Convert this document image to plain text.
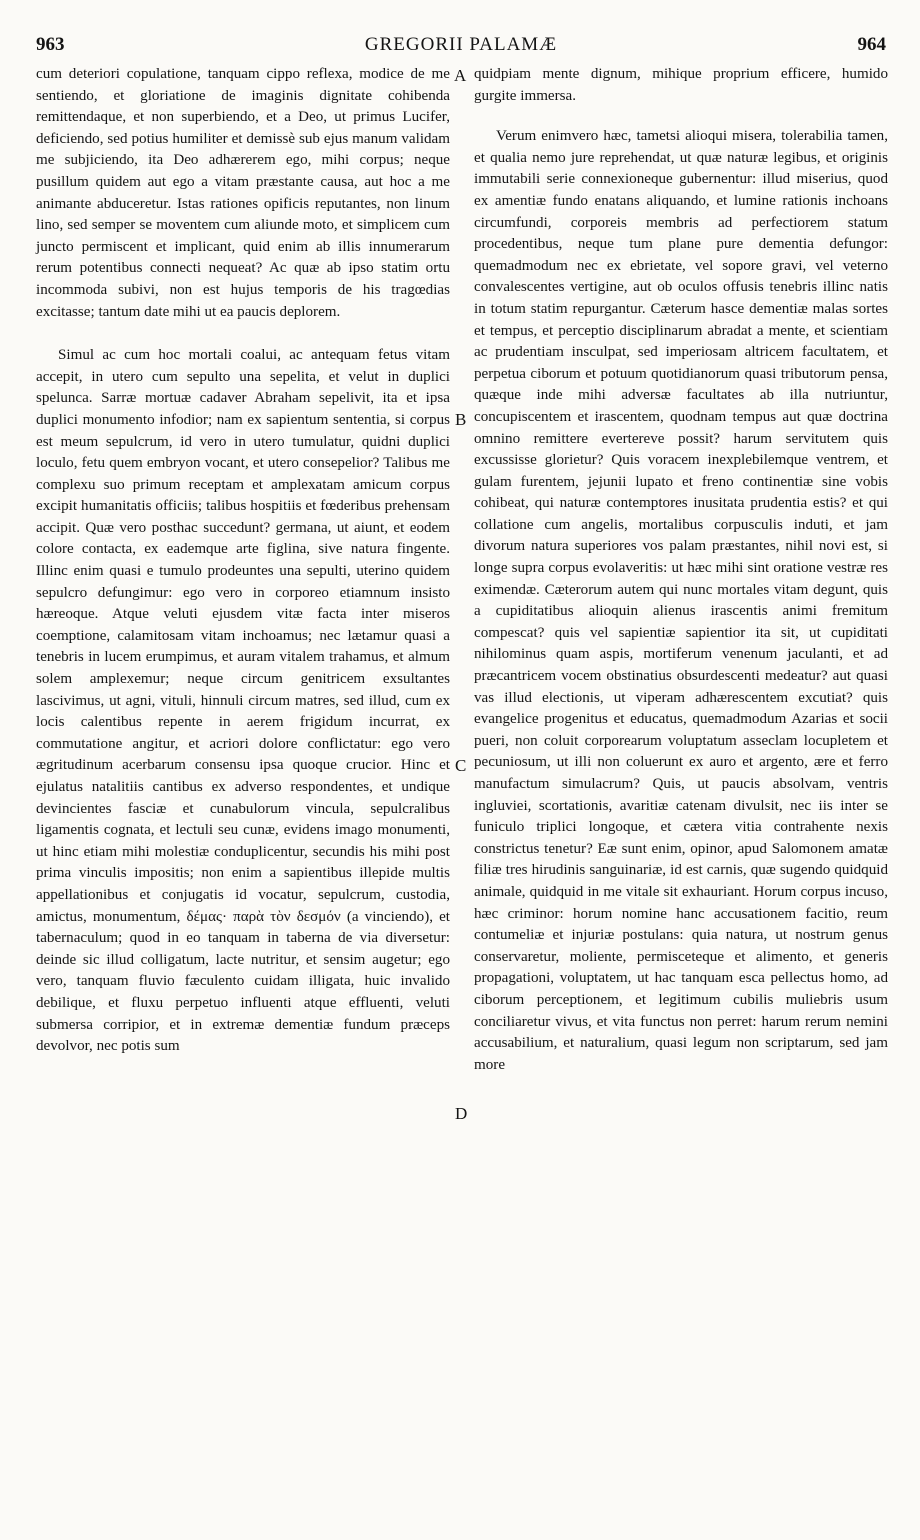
963	GREGORII PALAMÆ	964

cum deteriori copulatione, tanquam cippo reflexa, modice de me sentiendo, et gloriatione de imaginis dignitate cohibenda remittendaque, et non superbiendo, et a Deo, ut primus Lucifer, deficiendo, sed potius humiliter et demissè sub ejus manum validam me subjiciendo, ita Deo adhærerem ego, mihi corpus; neque pusillum quidem aut ego a vitam præstante causa, aut hoc a me animante abduceretur. Istas rationes opificis reputantes, non linum lino, sed semper se moventem cum aliunde moto, et simplicem cum juncto permiscent et implicant, quid enim ab illis innumerarum rerum potentibus connecti nequeat? Ac quæ ab ipso statim ortu incommoda subivi, non est hujus temporis de his tragœdias excitasse; tantum date mihi ut ea paucis deplorem.

Simul ac cum hoc mortali coalui, ac antequam fetus vitam accepit, in utero cum sepulto una sepelita, et velut in duplici spelunca. Sarræ mortuæ cadaver Abraham sepelivit, ita et ipsa duplici monumento infodior; nam ex sapientum sententia, si corpus est meum sepulcrum, id vero in utero tumulatur, quidni duplici loculo, fetu quem embryon vocant, et utero consepelior? Talibus me complexu suo primum receptam et amplexatam amicum corpus excipit humanitatis officiis; talibus hospitiis et fœderibus prehensam accipit. Quæ vero posthac succedunt? germana, ut aiunt, et eodem colore contacta, ex eademque arte figlina, sive natura fingente. Illinc enim quasi e tumulo prodeuntes una sepulti, uterino quidem sepulcro defungimur: ego vero in corporeo etiamnum insisto hæreoque. Atque veluti ejusdem vitæ facta inter miseros coemptione, calamitosam vitam inchoamus; nec lætamur quasi a tenebris in lucem erumpimus, et auram vitalem trahamus, et almum solem amplexemur; neque circum genitricem exsultantes lascivimus, ut agni, vituli, hinnuli circum matres, sed illud, cum ex locis calentibus repente in aerem frigidum incurrat, ex commutatione angitur, et acriori dolore conflictatur: ego vero ægritudinum acerbarum consensu ipsa quoque crucior. Hinc et ejulatus natalitiis cantibus ex adverso respondentes, et undique devincientes fasciæ et cunabulorum vincula, sepulcralibus ligamentis cognata, et lectuli seu cunæ, evidens imago monumenti, ut hinc etiam mihi molestiæ conduplicentur, secundis his mihi post prima vinculis impositis; non enim a sapientibus illepide multis appellationibus et conjugatis id vocatur, sepulcrum, custodia, amictus, monumentum, δέμας· παρὰ τὸν δεσμόν (a vinciendo), et tabernaculum; quod in eo tanquam in taberna de via diversetur: deinde sic illud colligatum, lacte nutritur, et sensim augetur; ego vero, tanquam fluvio fæculento cuidam illigata, huic invalido debilique, et fluxu perpetuo influenti atque effluenti, veluti submersa corripior, et in extremæ dementiæ fundum præceps devolvor, nec potis sum

A
B
C
D

quidpiam mente dignum, mihique proprium efficere, humido gurgite immersa.

Verum enimvero hæc, tametsi alioqui misera, tolerabilia tamen, et qualia nemo jure reprehendat, ut quæ naturæ legibus, et originis immutabili serie connexioneque gubernentur: illud miserius, quod ex amentiæ fundo enatans aliquando, et lumine rationis inchoans circumfundi, corporeis membris ad perfectiorem statum procedentibus, neque tum plane pure dementia defungor: quemadmodum nec ex ebrietate, vel sopore gravi, vel veterno convalescentes vertigine, aut ob oculos offusis tenebris illinc natis in totum statim repurgantur. Cæterum hasce dementiæ malas sortes et tempus, et perceptio disciplinarum abradat a mente, et scientiam ac prudentiam insculpat, sed imperiosam altricem facultatem, et perpetua ciborum et potuum quotidianorum quasi tributorum pensa, quæque inde mihi adversæ facultates ab illa nutriuntur, concupiscentem et irascentem, quodnam tempus aut quæ doctrina omnino remittere evertereve possit? harum servitutem quis excussisse glorietur? Quis voracem inexplebilemque ventrem, et gulam furentem, jejunii lupato et freno continentiæ sine vobis cohibeat, qui naturæ contemptores inusitata prudentia estis? et qui collatione cum angelis, mortalibus corpusculis induti, et jam divorum natura superiores vos palam præstantes, nihil novi est, si longe supra corpus evolaveritis: ut hæc mihi sint oratione vestræ res eximendæ. Cæterorum autem qui nunc mortales vitam degunt, quis a cupiditatibus alioquin alienus irascentis animi fremitum compescat? quis vel sapientiæ sapientior ita sit, ut cupiditati nihilominus quam aspis, mortiferum venenum jaculanti, et ad præcantricem vocem obstinatius obsurdescenti medeatur? aut quasi vas illud electionis, ut viperam adhærescentem excutiat? quis evangelice progenitus et educatus, quemadmodum Azarias et socii pueri, non coluit corporearum voluptatum asseclam locupletem et pecuniosum, ut illi non coluerunt ex auro et argento, ære et ferro manufactum simulacrum? Quis, ut paucis absolvam, ventris ingluviei, scortationis, avaritiæ catenam divulsit, nec iis inter se funiculo triplici longoque, et cætera vitia contrahente nexis constrictus tenetur? Eæ sunt enim, opinor, apud Salomonem amatæ filiæ tres hirudinis sanguinariæ, id est carnis, quæ sugendo quidquid animale, quidquid in me vitale sit exhauriant. Horum corpus incuso, hæc criminor: horum nomine hanc accusationem facitio, reum contumeliæ et injuriæ postulans: quia natura, ut nostrum genus conservaretur, moliente, permisceteque et alimento, et generis propagationi, voluptatem, ut hac tanquam esca pellectus homo, ad ciborum perceptionem, et legitimum cubilis muliebris usum conciliaretur vivus, et vita functus non perret: harum rerum nemini accusabilium, et naturalium, quasi legum non scriptarum, sed jam more
